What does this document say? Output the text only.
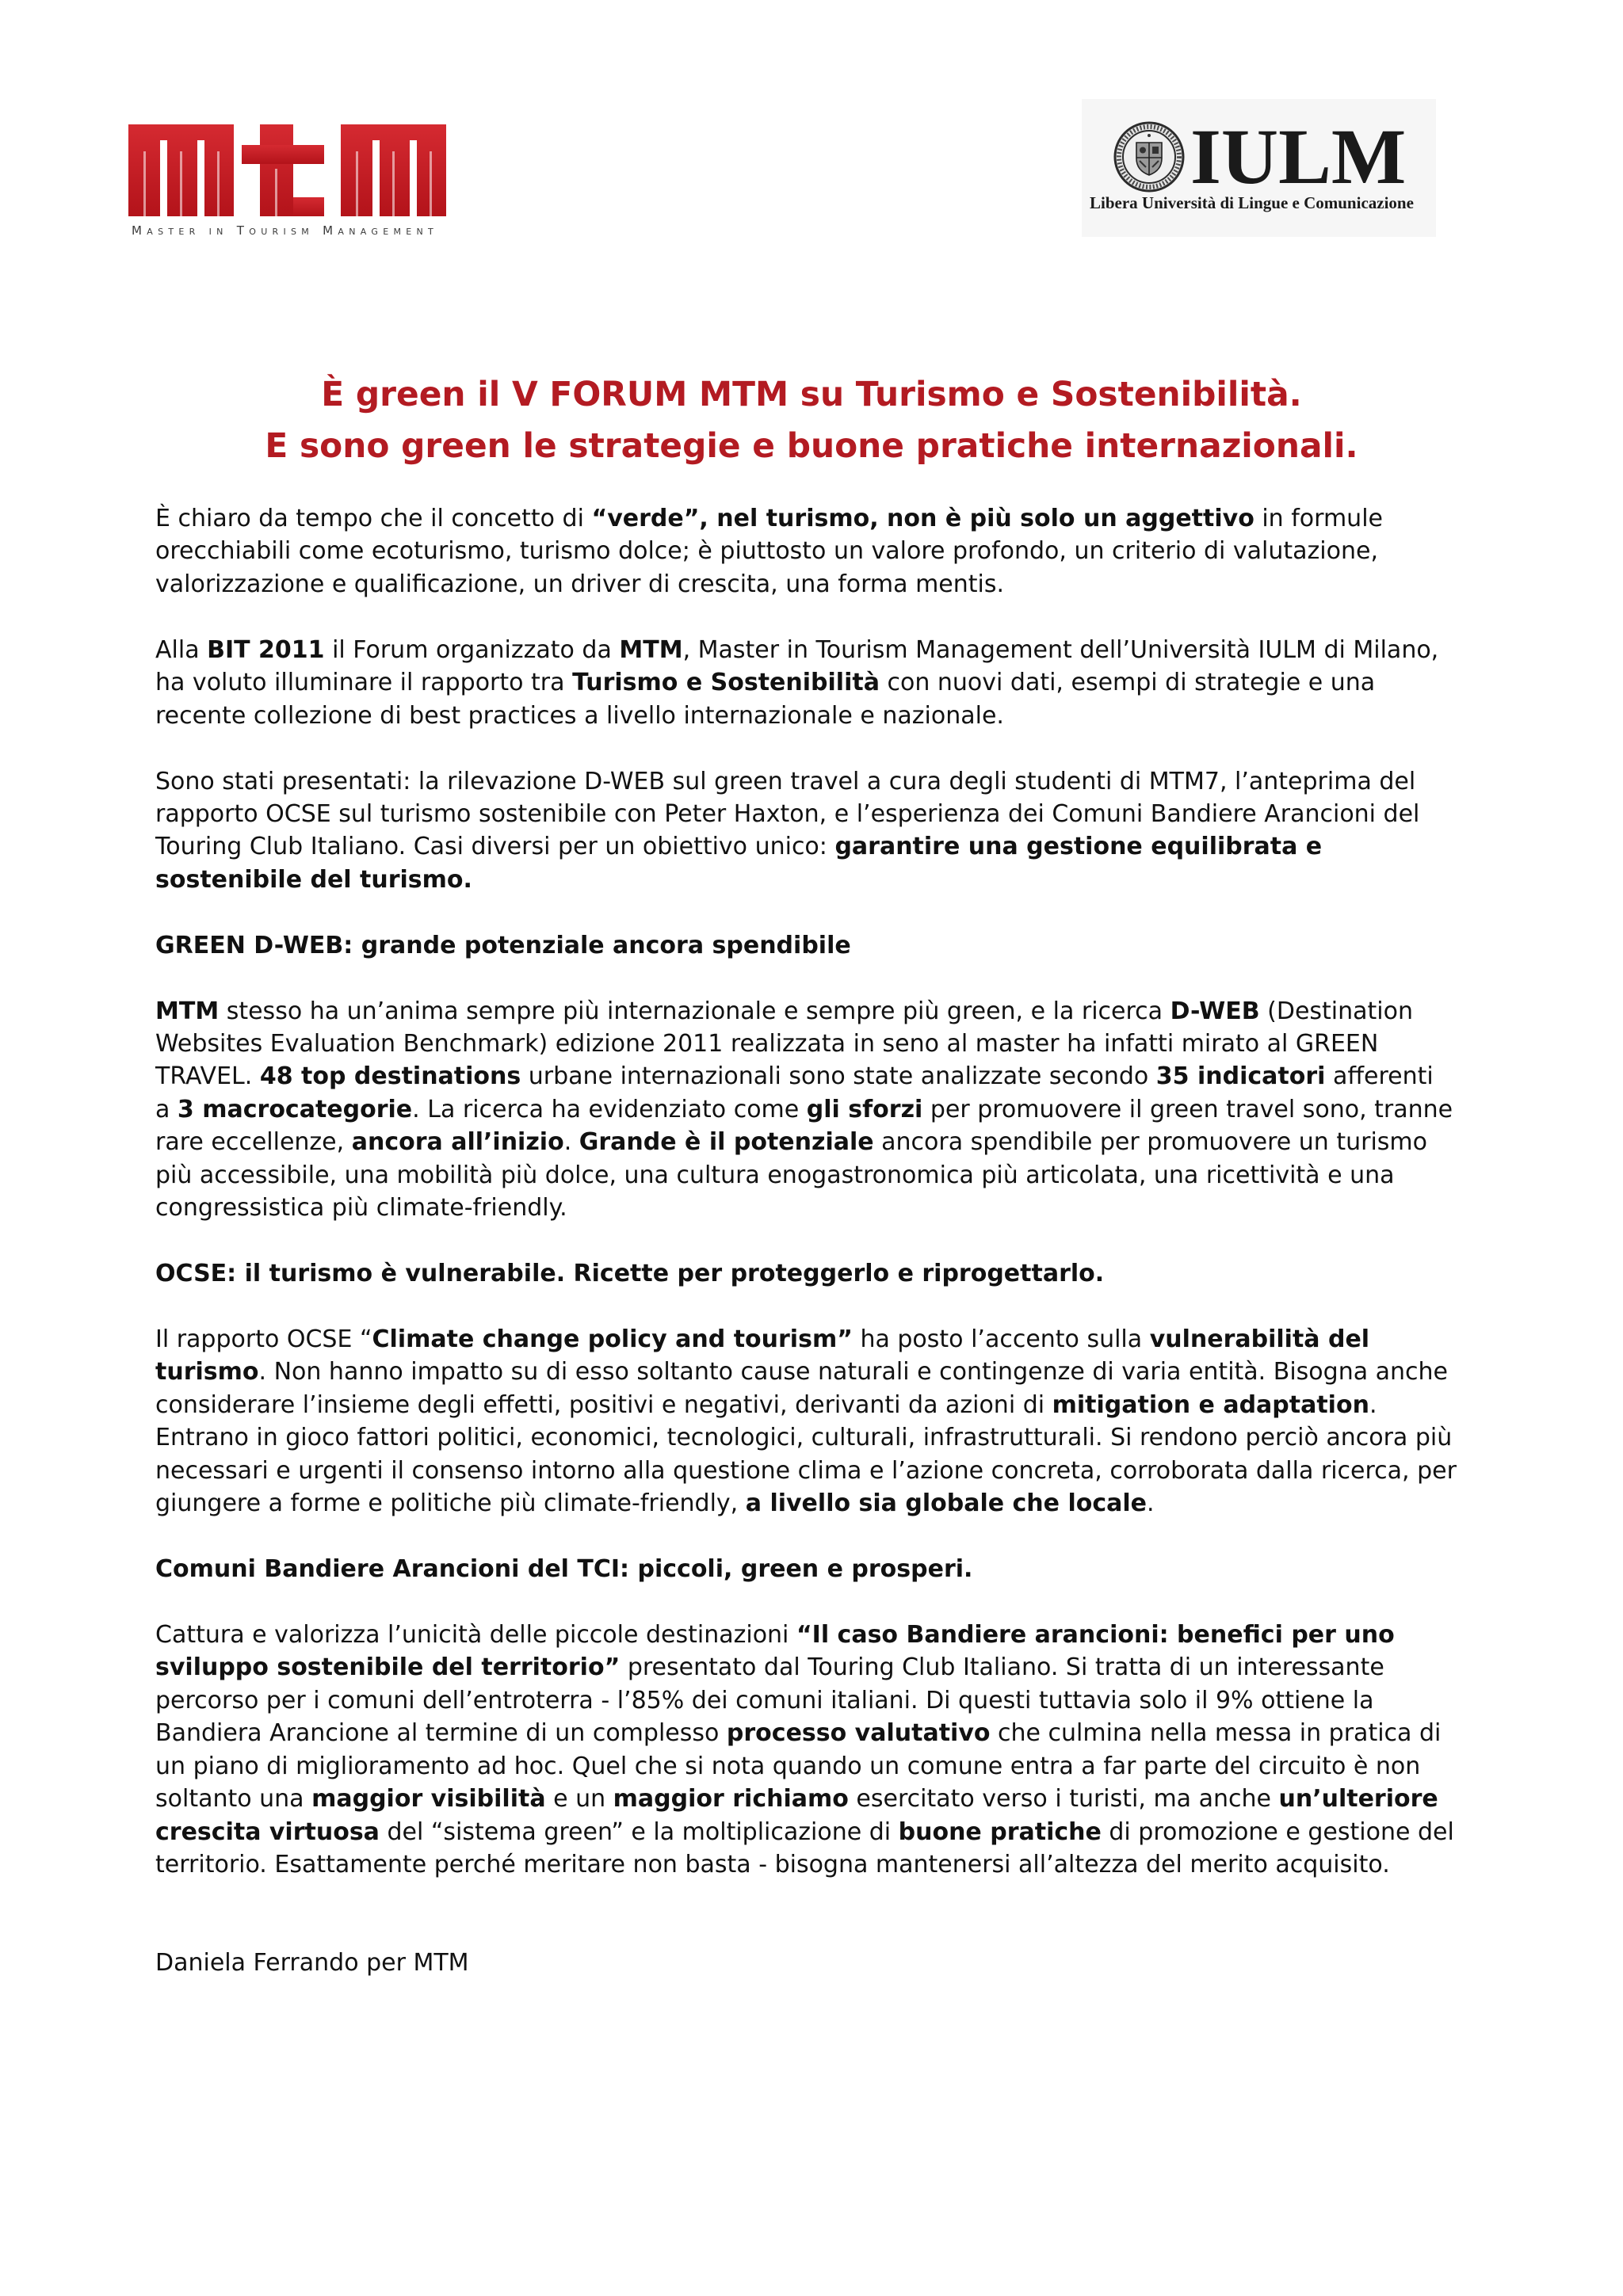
Master in Tourism Management
IULM
Libera Università di Lingue e Comunicazione
È green il V FORUM MTM su Turismo e Sostenibilità.
E sono green le strategie e buone pratiche internazionali.
È chiaro da tempo che il concetto di “verde”, nel turismo, non è più solo un aggettivo in formule
orecchiabili come ecoturismo, turismo dolce; è piuttosto un valore profondo, un criterio di valutazione,
valorizzazione e qualificazione, un driver di crescita, una forma mentis.
Alla BIT 2011 il Forum organizzato da MTM, Master in Tourism Management dell’Università IULM di Milano,
ha voluto illuminare il rapporto tra Turismo e Sostenibilità con nuovi dati, esempi di strategie e una
recente collezione di best practices a livello internazionale e nazionale.
Sono stati presentati: la rilevazione D-WEB sul green travel a cura degli studenti di MTM7, l’anteprima del
rapporto OCSE sul turismo sostenibile con Peter Haxton, e l’esperienza dei Comuni Bandiere Arancioni del
Touring Club Italiano. Casi diversi per un obiettivo unico: garantire una gestione equilibrata e
sostenibile del turismo.
GREEN D-WEB: grande potenziale ancora spendibile
MTM stesso ha un’anima sempre più internazionale e sempre più green, e la ricerca D-WEB (Destination
Websites Evaluation Benchmark) edizione 2011 realizzata in seno al master ha infatti mirato al GREEN
TRAVEL. 48 top destinations urbane internazionali sono state analizzate secondo 35 indicatori afferenti
a 3 macrocategorie. La ricerca ha evidenziato come gli sforzi per promuovere il green travel sono, tranne
rare eccellenze, ancora all’inizio. Grande è il potenziale ancora spendibile per promuovere un turismo
più accessibile, una mobilità più dolce, una cultura enogastronomica più articolata, una ricettività e una
congressistica più climate-friendly.
OCSE: il turismo è vulnerabile. Ricette per proteggerlo e riprogettarlo.
Il rapporto OCSE “Climate change policy and tourism” ha posto l’accento sulla vulnerabilità del
turismo. Non hanno impatto su di esso soltanto cause naturali e contingenze di varia entità. Bisogna anche
considerare l’insieme degli effetti, positivi e negativi, derivanti da azioni di mitigation e adaptation.
Entrano in gioco fattori politici, economici, tecnologici, culturali, infrastrutturali. Si rendono perciò ancora più
necessari e urgenti il consenso intorno alla questione clima e l’azione concreta, corroborata dalla ricerca, per
giungere a forme e politiche più climate-friendly, a livello sia globale che locale.
Comuni Bandiere Arancioni del TCI: piccoli, green e prosperi.
Cattura e valorizza l’unicità delle piccole destinazioni “Il caso Bandiere arancioni: benefici per uno
sviluppo sostenibile del territorio” presentato dal Touring Club Italiano. Si tratta di un interessante
percorso per i comuni dell’entroterra - l’85% dei comuni italiani. Di questi tuttavia solo il 9% ottiene la
Bandiera Arancione al termine di un complesso processo valutativo che culmina nella messa in pratica di
un piano di miglioramento ad hoc. Quel che si nota quando un comune entra a far parte del circuito è non
soltanto una maggior visibilità e un maggior richiamo esercitato verso i turisti, ma anche un’ulteriore
crescita virtuosa del “sistema green” e la moltiplicazione di buone pratiche di promozione e gestione del
territorio. Esattamente perché meritare non basta - bisogna mantenersi all’altezza del merito acquisito.
Daniela Ferrando per MTM
